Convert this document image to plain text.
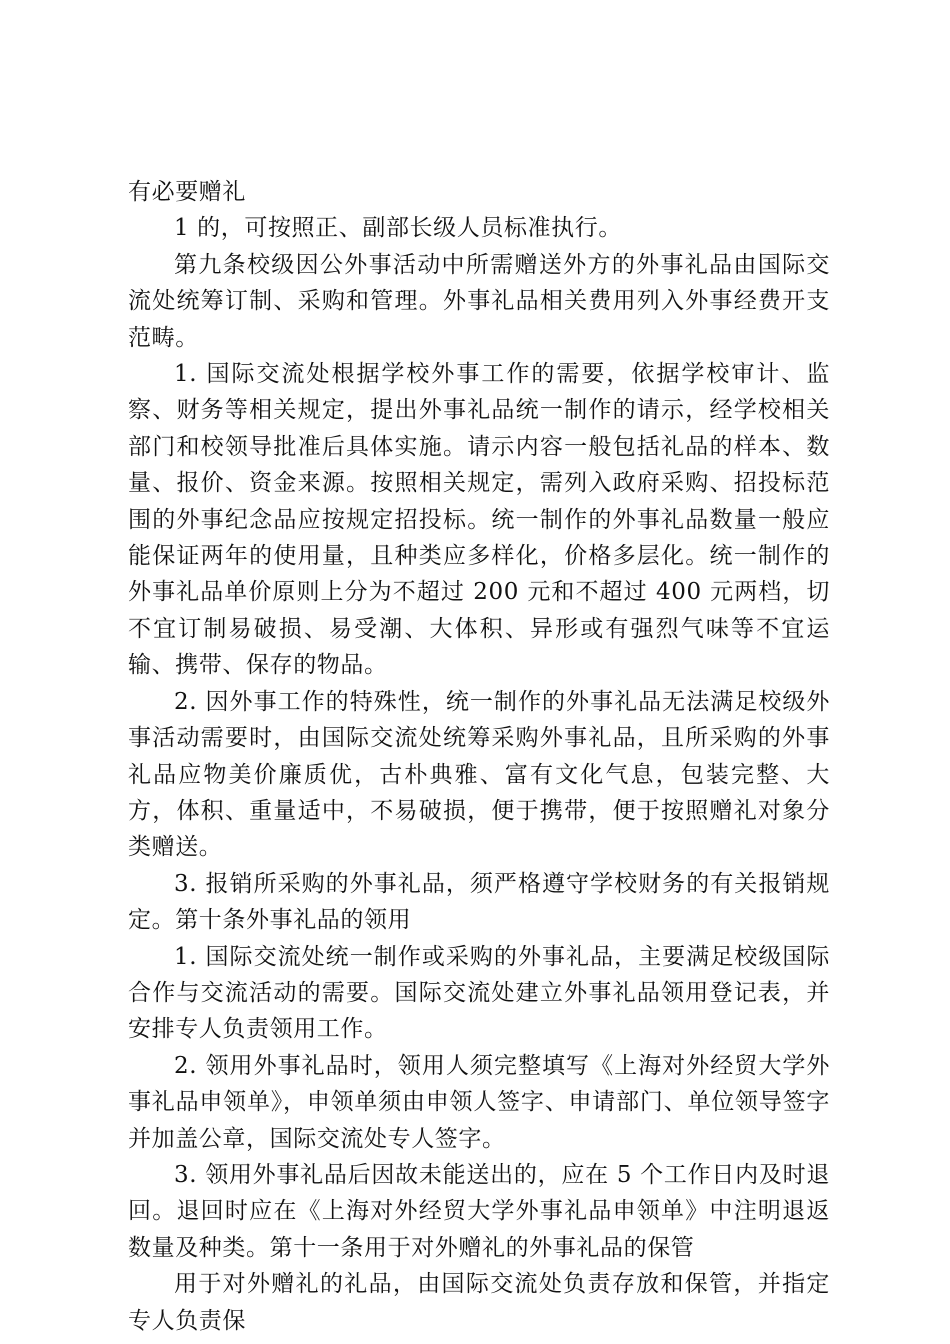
有必要赠礼

1 的，可按照正、副部长级人员标准执行。

第九条校级因公外事活动中所需赠送外方的外事礼品由国际交流处统筹订制、采购和管理。外事礼品相关费用列入外事经费开支范畴。

1. 国际交流处根据学校外事工作的需要，依据学校审计、监察、财务等相关规定，提出外事礼品统一制作的请示，经学校相关部门和校领导批准后具体实施。请示内容一般包括礼品的样本、数量、报价、资金来源。按照相关规定，需列入政府采购、招投标范围的外事纪念品应按规定招投标。统一制作的外事礼品数量一般应能保证两年的使用量，且种类应多样化，价格多层化。统一制作的外事礼品单价原则上分为不超过 200 元和不超过 400 元两档，切不宜订制易破损、易受潮、大体积、异形或有强烈气味等不宜运输、携带、保存的物品。

2. 因外事工作的特殊性，统一制作的外事礼品无法满足校级外事活动需要时，由国际交流处统筹采购外事礼品，且所采购的外事礼品应物美价廉质优，古朴典雅、富有文化气息，包装完整、大方，体积、重量适中，不易破损，便于携带，便于按照赠礼对象分类赠送。

3. 报销所采购的外事礼品，须严格遵守学校财务的有关报销规定。第十条外事礼品的领用

1. 国际交流处统一制作或采购的外事礼品，主要满足校级国际合作与交流活动的需要。国际交流处建立外事礼品领用登记表，并安排专人负责领用工作。

2. 领用外事礼品时，领用人须完整填写《上海对外经贸大学外事礼品申领单》，申领单须由申领人签字、申请部门、单位领导签字并加盖公章，国际交流处专人签字。

3. 领用外事礼品后因故未能送出的，应在 5 个工作日内及时退回。退回时应在《上海对外经贸大学外事礼品申领单》中注明退返数量及种类。第十一条用于对外赠礼的外事礼品的保管

用于对外赠礼的礼品，由国际交流处负责存放和保管，并指定专人负责保
